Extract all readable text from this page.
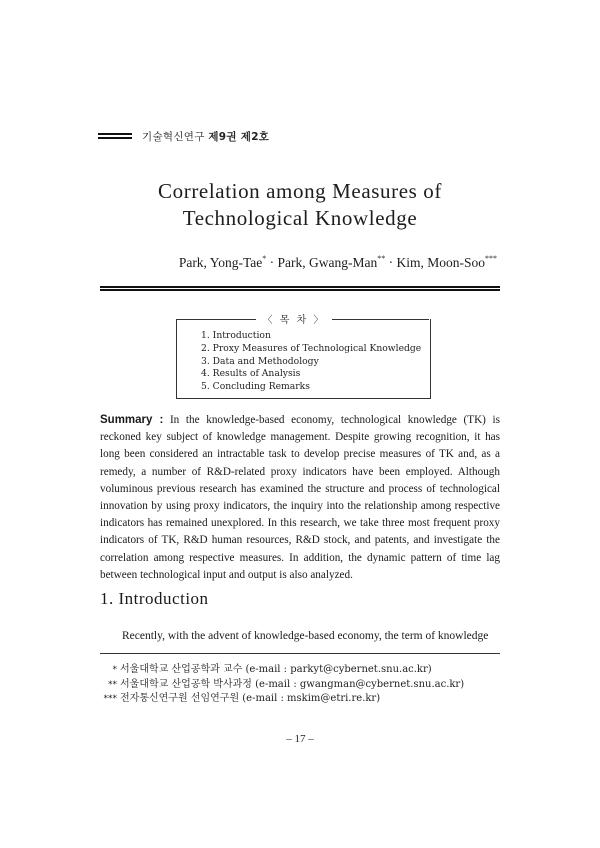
기술혁신연구 제9권 제2호
Correlation among Measures of
Technological Knowledge
Park, Yong-Tae* · Park, Gwang-Man** · Kim, Moon-Soo***
〈 목 차 〉
1. Introduction
2. Proxy Measures of Technological Knowledge
3. Data and Methodology
4. Results of Analysis
5. Concluding Remarks
Summary : In the knowledge-based economy, technological knowledge (TK) is reckoned key subject of knowledge management. Despite growing recognition, it has long been considered an intractable task to develop precise measures of TK and, as a remedy, a number of R&D-related proxy indicators have been employed. Although voluminous previous research has examined the structure and process of technological innovation by using proxy indicators, the inquiry into the relationship among respective indicators has remained unexplored. In this research, we take three most frequent proxy indicators of TK, R&D human resources, R&D stock, and patents, and investigate the correlation among respective measures. In addition, the dynamic pattern of time lag between technological input and output is also analyzed.
1. Introduction
Recently, with the advent of knowledge-based economy, the term of knowledge
* 서울대학교 산업공학과 교수 (e-mail : parkyt@cybernet.snu.ac.kr)
** 서울대학교 산업공학 박사과정 (e-mail : gwangman@cybernet.snu.ac.kr)
*** 전자통신연구원 선임연구원 (e-mail : mskim@etri.re.kr)
– 17 –
